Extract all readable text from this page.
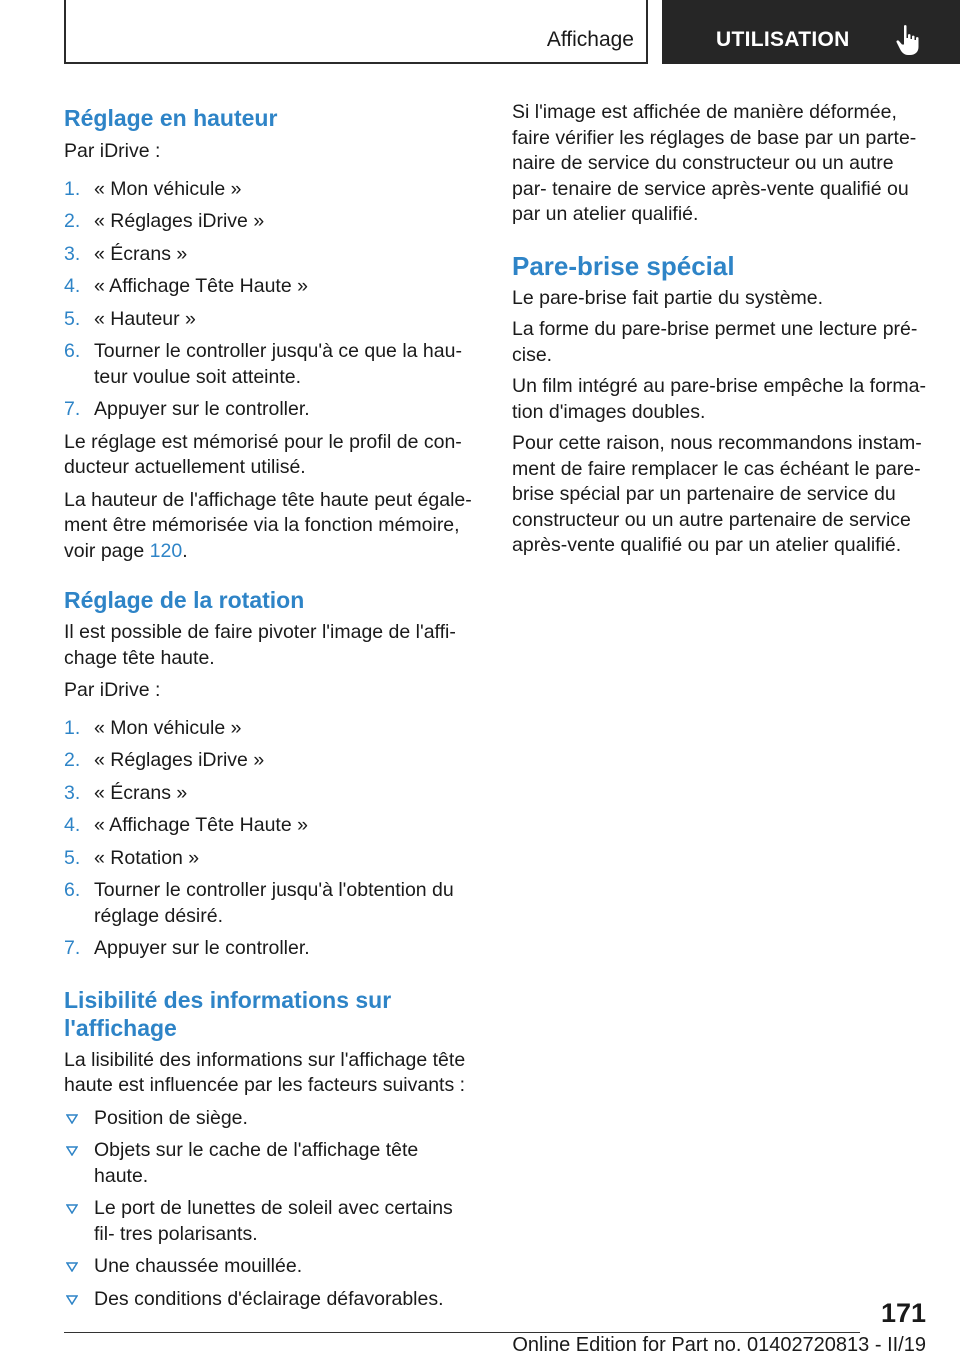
Affichage	UTILISATION
Réglage en hauteur

Par iDrive :

1. « Mon véhicule »
2. « Réglages iDrive »
3. « Écrans »
4. « Affichage Tête Haute »
5. « Hauteur »
6. Tourner le controller jusqu'à ce que la hau‐ teur voulue soit atteinte.
7. Appuyer sur le controller.

Le réglage est mémorisé pour le profil de con‐ ducteur actuellement utilisé.

La hauteur de l'affichage tête haute peut égale‐ ment être mémorisée via la fonction mémoire, voir page 120.

Réglage de la rotation

Il est possible de faire pivoter l'image de l'affi‐ chage tête haute.

Par iDrive :

1. « Mon véhicule »
2. « Réglages iDrive »
3. « Écrans »
4. « Affichage Tête Haute »
5. « Rotation »
6. Tourner le controller jusqu'à l'obtention du réglage désiré.
7. Appuyer sur le controller.
Lisibilité des informations sur l'affichage

La lisibilité des informations sur l'affichage tête haute est influencée par les facteurs suivants :

Position de siège.
Objets sur le cache de l'affichage tête haute.
Le port de lunettes de soleil avec certains fil‐ tres polarisants.
Une chaussée mouillée.
Des conditions d'éclairage défavorables.

Si l'image est affichée de manière déformée, faire vérifier les réglages de base par un parte‐ naire de service du constructeur ou un autre par‐ tenaire de service après-vente qualifié ou par un atelier qualifié.

Pare-brise spécial

Le pare-brise fait partie du système.

La forme du pare-brise permet une lecture pré‐ cise.

Un film intégré au pare-brise empêche la forma‐ tion d'images doubles.

Pour cette raison, nous recommandons instam‐ ment de faire remplacer le cas échéant le pare‐ brise spécial par un partenaire de service du constructeur ou un autre partenaire de service après-vente qualifié ou par un atelier qualifié.

171
Online Edition for Part no. 01402720813 - II/19
